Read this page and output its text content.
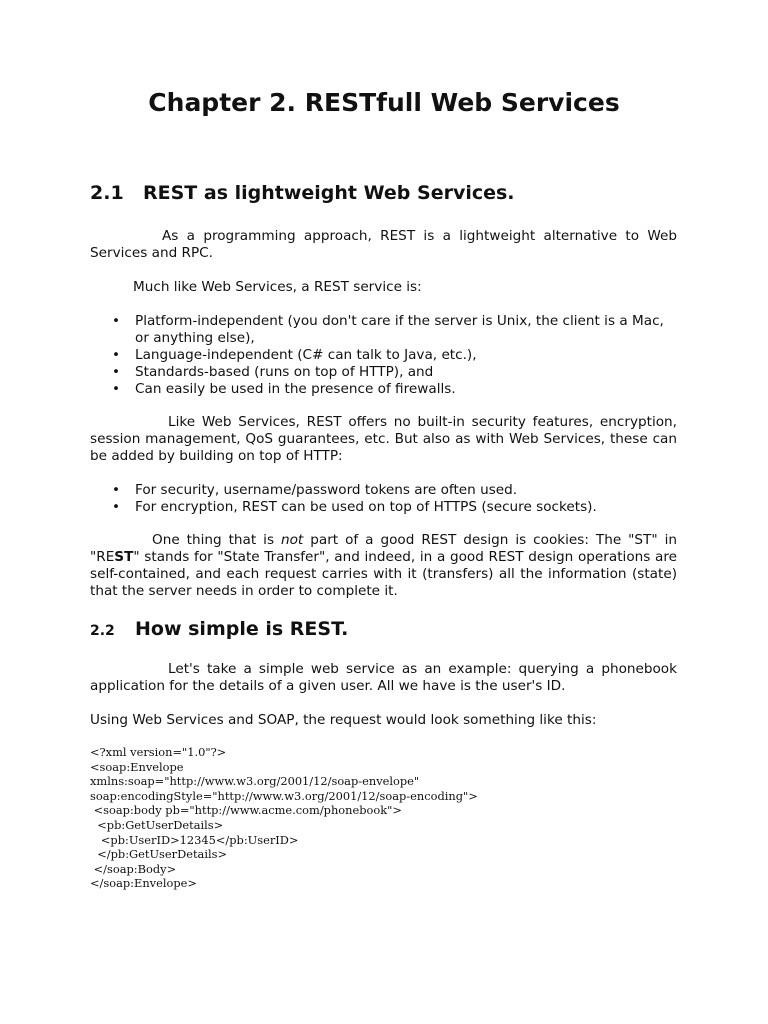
Chapter 2. RESTfull Web Services
2.1 REST as lightweight Web Services.

As a programming approach, REST is a lightweight alternative to Web Services and RPC.

Much like Web Services, a REST service is:

• Platform-independent (you don't care if the server is Unix, the client is a Mac, or anything else),
• Language-independent (C# can talk to Java, etc.),
• Standards-based (runs on top of HTTP), and
• Can easily be used in the presence of firewalls.

Like Web Services, REST offers no built-in security features, encryption, session management, QoS guarantees, etc. But also as with Web Services, these can be added by building on top of HTTP:

• For security, username/password tokens are often used.
• For encryption, REST can be used on top of HTTPS (secure sockets).

One thing that is not part of a good REST design is cookies: The "ST" in "REST" stands for "State Transfer", and indeed, in a good REST design operations are self-contained, and each request carries with it (transfers) all the information (state) that the server needs in order to complete it.

2.2 How simple is REST.

Let's take a simple web service as an example: querying a phonebook application for the details of a given user. All we have is the user's ID.

Using Web Services and SOAP, the request would look something like this:

<?xml version="1.0"?>
<soap:Envelope
xmlns:soap="http://www.w3.org/2001/12/soap-envelope"
soap:encodingStyle="http://www.w3.org/2001/12/soap-encoding">
<soap:body pb="http://www.acme.com/phonebook">
<pb:GetUserDetails>
<pb:UserID>12345</pb:UserID>
</pb:GetUserDetails>
</soap:Body>
</soap:Envelope>
